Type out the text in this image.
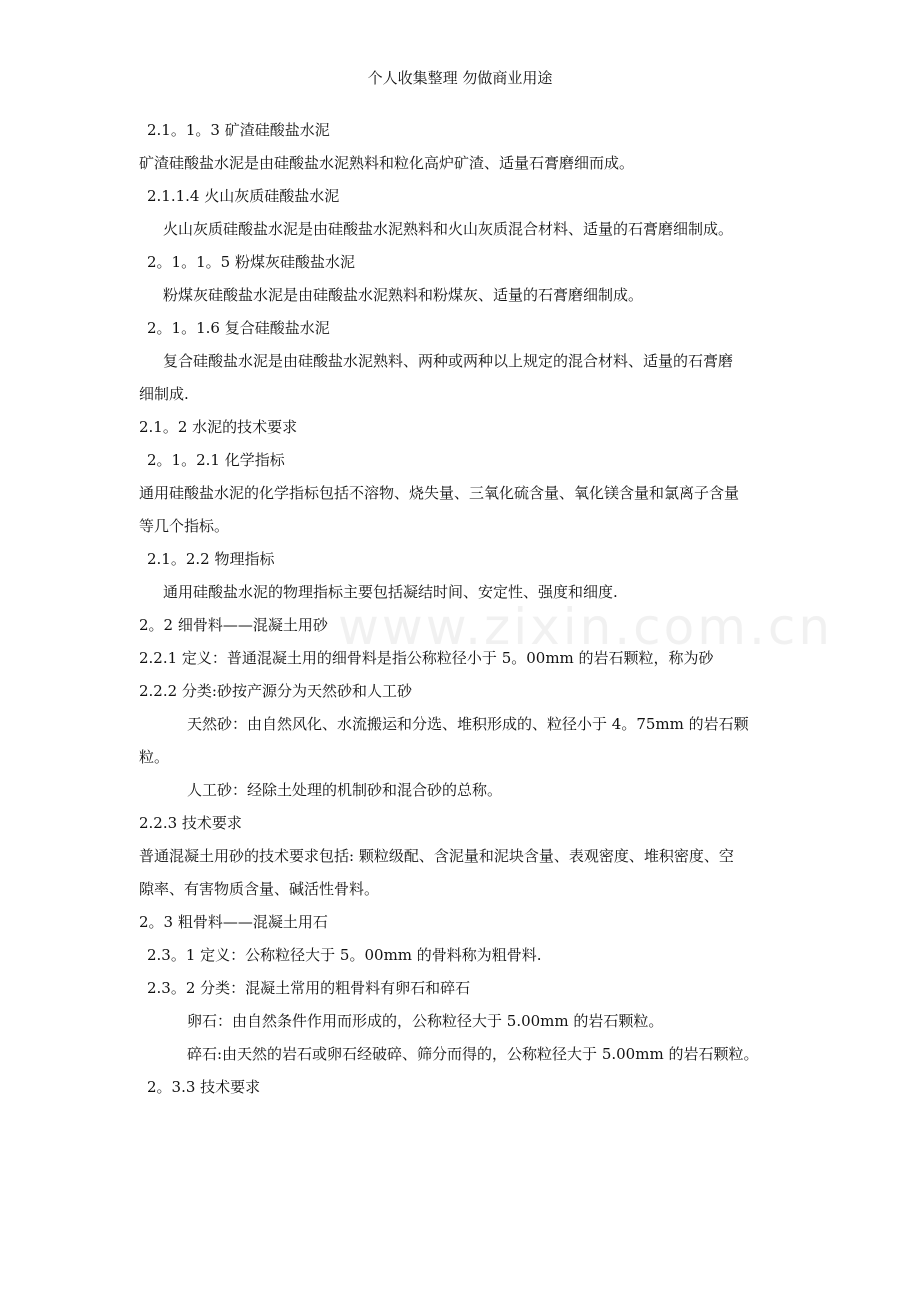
个人收集整理 勿做商业用途
www.zixin.com.cn
2.1。1。3 矿渣硅酸盐水泥
矿渣硅酸盐水泥是由硅酸盐水泥熟料和粒化高炉矿渣、适量石膏磨细而成。
2.1.1.4 火山灰质硅酸盐水泥
火山灰质硅酸盐水泥是由硅酸盐水泥熟料和火山灰质混合材料、适量的石膏磨细制成。
2。1。1。5 粉煤灰硅酸盐水泥
粉煤灰硅酸盐水泥是由硅酸盐水泥熟料和粉煤灰、适量的石膏磨细制成。
2。1。1.6 复合硅酸盐水泥
复合硅酸盐水泥是由硅酸盐水泥熟料、两种或两种以上规定的混合材料、适量的石膏磨
细制成.
2.1。2 水泥的技术要求
2。1。2.1 化学指标
通用硅酸盐水泥的化学指标包括不溶物、烧失量、三氧化硫含量、氧化镁含量和氯离子含量
等几个指标。
2.1。2.2 物理指标
通用硅酸盐水泥的物理指标主要包括凝结时间、安定性、强度和细度.
2。2 细骨料——混凝土用砂
2.2.1 定义：普通混凝土用的细骨料是指公称粒径小于 5。00mm 的岩石颗粒，称为砂
2.2.2 分类:砂按产源分为天然砂和人工砂
天然砂：由自然风化、水流搬运和分选、堆积形成的、粒径小于 4。75mm 的岩石颗
粒。
人工砂：经除土处理的机制砂和混合砂的总称。
2.2.3 技术要求
普通混凝土用砂的技术要求包括: 颗粒级配、含泥量和泥块含量、表观密度、堆积密度、空
隙率、有害物质含量、碱活性骨料。
2。3 粗骨料——混凝土用石
2.3。1 定义：公称粒径大于 5。00mm 的骨料称为粗骨料.
2.3。2 分类：混凝土常用的粗骨料有卵石和碎石
卵石：由自然条件作用而形成的，公称粒径大于 5.00mm 的岩石颗粒。
碎石:由天然的岩石或卵石经破碎、筛分而得的，公称粒径大于 5.00mm 的岩石颗粒。
2。3.3 技术要求
